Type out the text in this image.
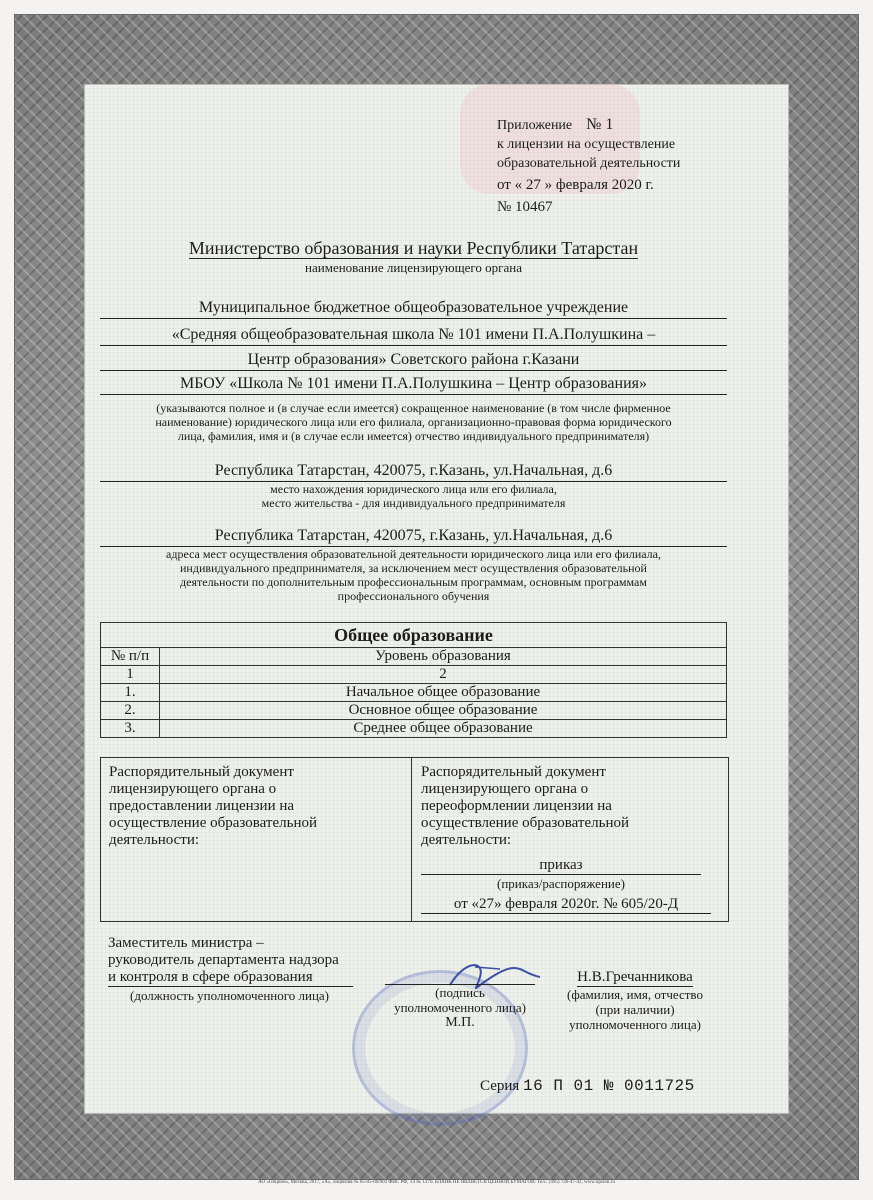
Приложение № 1
к лицензии на осуществление
образовательной деятельности
от « 27 » февраля 2020 г.
№ 10467
Министерство образования и науки Республики Татарстан
наименование лицензирующего органа
Муниципальное бюджетное общеобразовательное учреждение
«Средняя общеобразовательная школа № 101 имени П.А.Полушкина –
Центр образования» Советского района г.Казани
МБОУ «Школа № 101 имени П.А.Полушкина – Центр образования»
(указываются полное и (в случае если имеется) сокращенное наименование (в том числе фирменное
наименование) юридического лица или его филиала, организационно-правовая форма юридического
лица, фамилия, имя и (в случае если имеется) отчество индивидуального предпринимателя)
Республика Татарстан, 420075, г.Казань, ул.Начальная, д.6
место нахождения юридического лица или его филиала,
место жительства - для индивидуального предпринимателя
Республика Татарстан, 420075, г.Казань, ул.Начальная, д.6
адреса мест осуществления образовательной деятельности юридического лица или его филиала,
индивидуального предпринимателя, за исключением мест осуществления образовательной
деятельности по дополнительным профессиональным программам, основным программам
профессионального обучения
Общее образование	
№ п/п	Уровень образования
1	2
1.	Начальное общее образование
2.	Основное общее образование
3.	Среднее общее образование
Распорядительный документ
лицензирующего органа о
предоставлении лицензии на
осуществление образовательной
деятельности:
Распорядительный документ
лицензирующего органа о
переоформлении лицензии на
осуществление образовательной
деятельности:
приказ
(приказ/распоряжение)
от «27» февраля 2020г. № 605/20-Д
Заместитель министра –
руководитель департамента надзора
и контроля в сфере образования
(должность уполномоченного лица)	(подпись
уполномоченного лица)
М.П.
Н.В.Гречанникова
(фамилия, имя, отчество
(при наличии)
уполномоченного лица)
Серия 16 П 01 № 0011725
АО «Опцион», Москва, 2017, «А», лицензия № 05-05-09/003 ФНС РФ, ТЗ № 1270. БЛАНК НЕ ЯВЛЯЕТСЯ ЦЕННОЙ БУМАГОЙ. Тел.: (495) 726-47-42, www.opcion.ru
